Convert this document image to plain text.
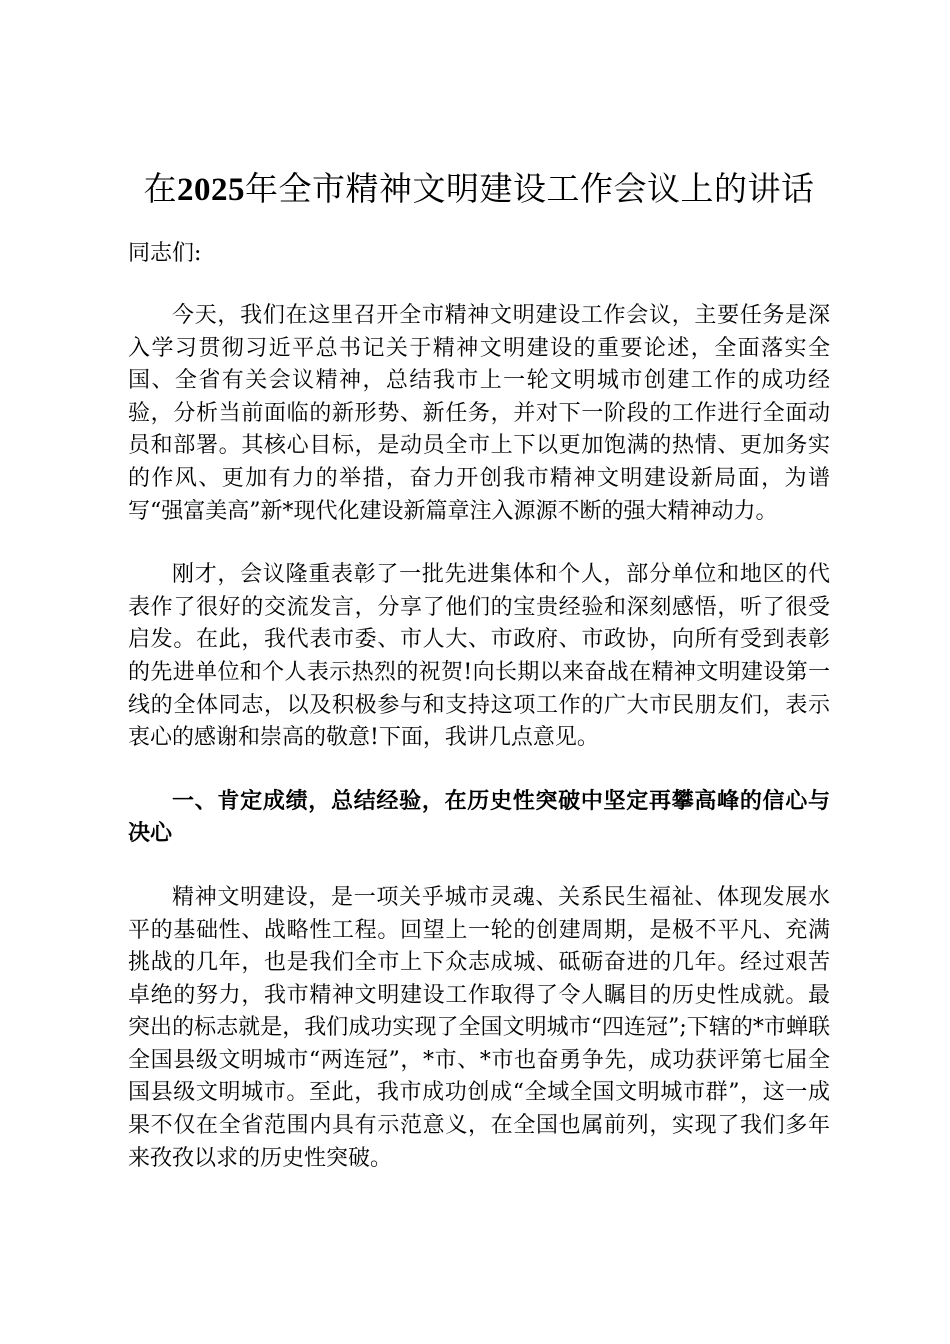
在2025年全市精神文明建设工作会议上的讲话

同志们:

今天，我们在这里召开全市精神文明建设工作会议，主要任务是深入学习贯彻习近平总书记关于精神文明建设的重要论述，全面落实全国、全省有关会议精神，总结我市上一轮文明城市创建工作的成功经验，分析当前面临的新形势、新任务，并对下一阶段的工作进行全面动员和部署。其核心目标，是动员全市上下以更加饱满的热情、更加务实的作风、更加有力的举措，奋力开创我市精神文明建设新局面，为谱写“强富美高”新*现代化建设新篇章注入源源不断的强大精神动力。

刚才，会议隆重表彰了一批先进集体和个人，部分单位和地区的代表作了很好的交流发言，分享了他们的宝贵经验和深刻感悟，听了很受启发。在此，我代表市委、市人大、市政府、市政协，向所有受到表彰的先进单位和个人表示热烈的祝贺!向长期以来奋战在精神文明建设第一线的全体同志，以及积极参与和支持这项工作的广大市民朋友们，表示衷心的感谢和崇高的敬意!下面，我讲几点意见。

一、肯定成绩，总结经验，在历史性突破中坚定再攀高峰的信心与决心

精神文明建设，是一项关乎城市灵魂、关系民生福祉、体现发展水平的基础性、战略性工程。回望上一轮的创建周期，是极不平凡、充满挑战的几年，也是我们全市上下众志成城、砥砺奋进的几年。经过艰苦卓绝的努力，我市精神文明建设工作取得了令人瞩目的历史性成就。最突出的标志就是，我们成功实现了全国文明城市“四连冠”;下辖的*市蝉联全国县级文明城市“两连冠”，*市、*市也奋勇争先，成功获评第七届全国县级文明城市。至此，我市成功创成“全域全国文明城市群”，这一成果不仅在全省范围内具有示范意义，在全国也属前列，实现了我们多年来孜孜以求的历史性突破。
